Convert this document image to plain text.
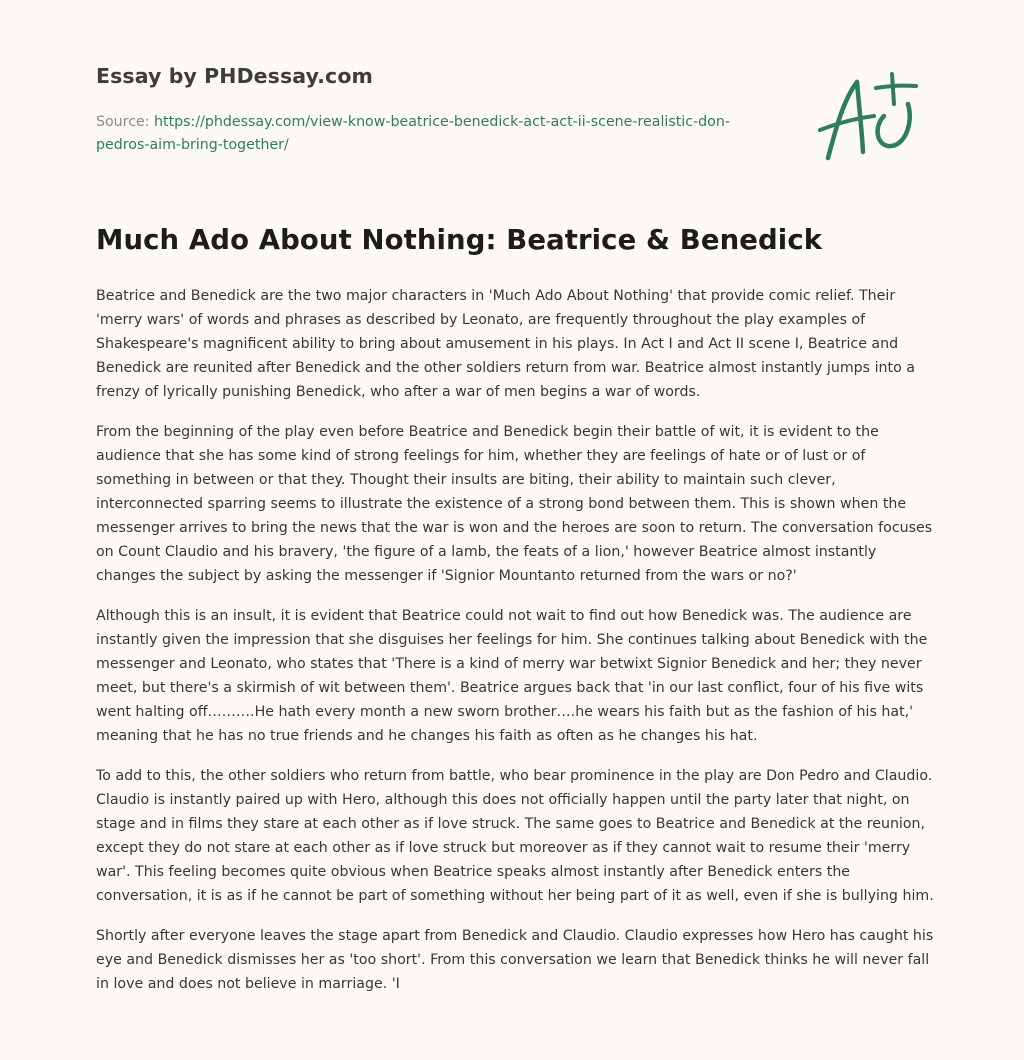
Essay by PHDessay.com
Source: https://phdessay.com/view-know-beatrice-benedick-act-act-ii-scene-realistic-don-pedros-aim-bring-together/
Much Ado About Nothing: Beatrice & Benedick

Beatrice and Benedick are the two major characters in 'Much Ado About Nothing' that provide comic relief. Their 'merry wars' of words and phrases as described by Leonato, are frequently throughout the play examples of Shakespeare's magnificent ability to bring about amusement in his plays. In Act I and Act II scene I, Beatrice and Benedick are reunited after Benedick and the other soldiers return from war. Beatrice almost instantly jumps into a frenzy of lyrically punishing Benedick, who after a war of men begins a war of words.

From the beginning of the play even before Beatrice and Benedick begin their battle of wit, it is evident to the audience that she has some kind of strong feelings for him, whether they are feelings of hate or of lust or of something in between or that they. Thought their insults are biting, their ability to maintain such clever, interconnected sparring seems to illustrate the existence of a strong bond between them. This is shown when the messenger arrives to bring the news that the war is won and the heroes are soon to return. The conversation focuses on Count Claudio and his bravery, 'the figure of a lamb, the feats of a lion,' however Beatrice almost instantly changes the subject by asking the messenger if 'Signior Mountanto returned from the wars or no?'

Although this is an insult, it is evident that Beatrice could not wait to find out how Benedick was. The audience are instantly given the impression that she disguises her feelings for him. She continues talking about Benedick with the messenger and Leonato, who states that 'There is a kind of merry war betwixt Signior Benedick and her; they never meet, but there's a skirmish of wit between them'. Beatrice argues back that 'in our last conflict, four of his five wits went halting off……….He hath every month a new sworn brother….he wears his faith but as the fashion of his hat,' meaning that he has no true friends and he changes his faith as often as he changes his hat.

To add to this, the other soldiers who return from battle, who bear prominence in the play are Don Pedro and Claudio. Claudio is instantly paired up with Hero, although this does not officially happen until the party later that night, on stage and in films they stare at each other as if love struck. The same goes to Beatrice and Benedick at the reunion, except they do not stare at each other as if love struck but moreover as if they cannot wait to resume their 'merry war'. This feeling becomes quite obvious when Beatrice speaks almost instantly after Benedick enters the conversation, it is as if he cannot be part of something without her being part of it as well, even if she is bullying him.

Shortly after everyone leaves the stage apart from Benedick and Claudio. Claudio expresses how Hero has caught his eye and Benedick dismisses her as 'too short'. From this conversation we learn that Benedick thinks he will never fall in love and does not believe in marriage. 'I
